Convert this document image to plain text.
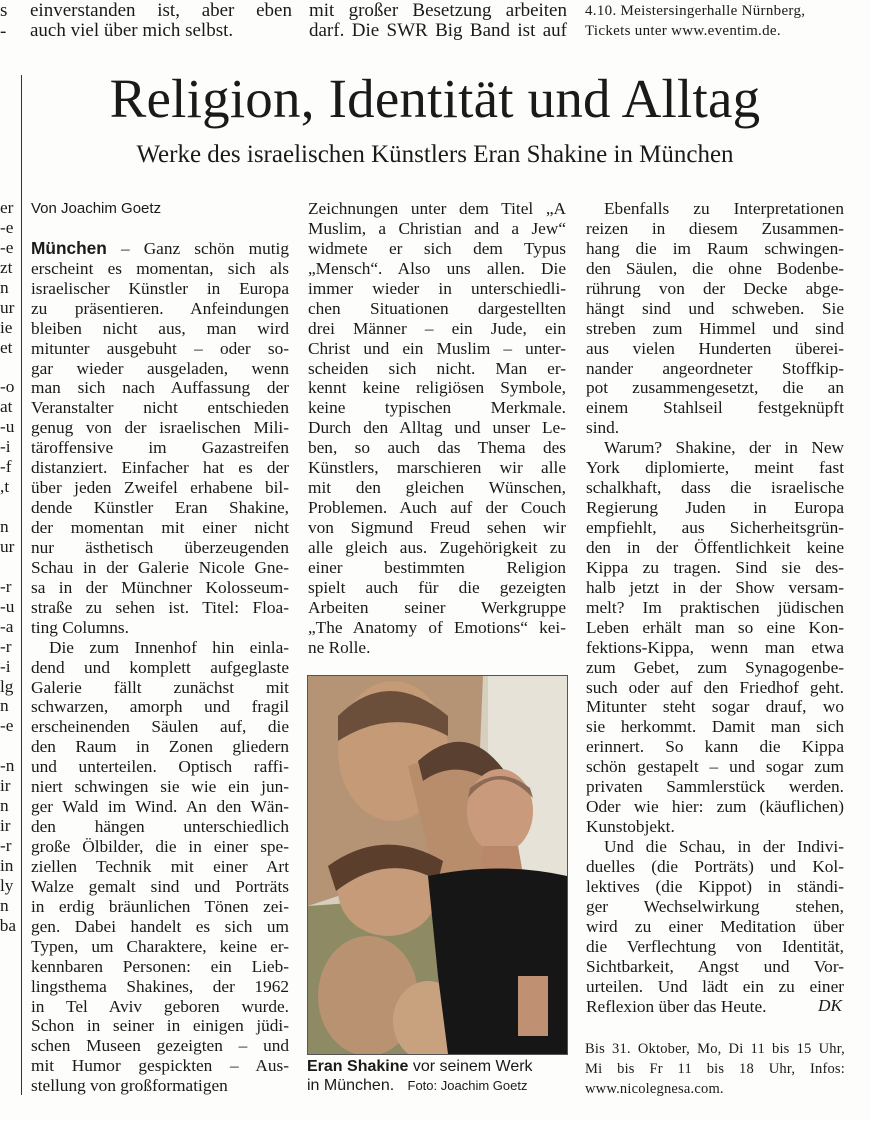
einverstanden ist, aber eben
auch viel über mich selbst.
mit großer Besetzung arbeiten
darf. Die SWR Big Band ist auf
4.10. Meistersingerhalle Nürnberg,
Tickets unter www.eventim.de.
s
-
er
e-
e-
zt
n
ur
ie
et
o-
at
u-
i-
f-
t,
n
ur
r-
u-
a-
r-
i-
lg
n
e-
n-
ir
n
ir
r-
in
ly
n
ba
Religion, Identität und Alltag
Werke des israelischen Künstlers Eran Shakine in München
Von Joachim Goetz

München – Ganz schön mutig
erscheint es momentan, sich als
israelischer Künstler in Europa
zu präsentieren. Anfeindungen
bleiben nicht aus, man wird
mitunter ausgebuht – oder so-
gar wieder ausgeladen, wenn
man sich nach Auffassung der
Veranstalter nicht entschieden
genug von der israelischen Mili-
täroffensive im Gazastreifen
distanziert. Einfacher hat es der
über jeden Zweifel erhabene bil-
dende Künstler Eran Shakine,
der momentan mit einer nicht
nur ästhetisch überzeugenden
Schau in der Galerie Nicole Gne-
sa in der Münchner Kolosseum-
straße zu sehen ist. Titel: Floa-
ting Columns.

Die zum Innenhof hin einla-
dend und komplett aufgeglaste
Galerie fällt zunächst mit
schwarzen, amorph und fragil
erscheinenden Säulen auf, die
den Raum in Zonen gliedern
und unterteilen. Optisch raffi-
niert schwingen sie wie ein jun-
ger Wald im Wind. An den Wän-
den hängen unterschiedlich
große Ölbilder, die in einer spe-
ziellen Technik mit einer Art
Walze gemalt sind und Porträts
in erdig bräunlichen Tönen zei-
gen. Dabei handelt es sich um
Typen, um Charaktere, keine er-
kennbaren Personen: ein Lieb-
lingsthema Shakines, der 1962
in Tel Aviv geboren wurde.
Schon in seiner in einigen jüdi-
schen Museen gezeigten – und
mit Humor gespickten – Aus-
stellung von großformatigen

Zeichnungen unter dem Titel „A
Muslim, a Christian and a Jew“
widmete er sich dem Typus
„Mensch“. Also uns allen. Die
immer wieder in unterschiedli-
chen Situationen dargestellten
drei Männer – ein Jude, ein
Christ und ein Muslim – unter-
scheiden sich nicht. Man er-
kennt keine religiösen Symbole,
keine typischen Merkmale.
Durch den Alltag und unser Le-
ben, so auch das Thema des
Künstlers, marschieren wir alle
mit den gleichen Wünschen,
Problemen. Auch auf der Couch
von Sigmund Freud sehen wir
alle gleich aus. Zugehörigkeit zu
einer bestimmten Religion
spielt auch für die gezeigten
Arbeiten seiner Werkgruppe
„The Anatomy of Emotions“ kei-
ne Rolle.
Eran Shakine vor seinem Werk
in München. Foto: Joachim Goetz

Ebenfalls zu Interpretationen
reizen in diesem Zusammen-
hang die im Raum schwingen-
den Säulen, die ohne Bodenbe-
rührung von der Decke abge-
hängt sind und schweben. Sie
streben zum Himmel und sind
aus vielen Hunderten überei-
nander angeordneter Stoffkip-
pot zusammengesetzt, die an
einem Stahlseil festgeknüpft
sind.

Warum? Shakine, der in New
York diplomierte, meint fast
schalkhaft, dass die israelische
Regierung Juden in Europa
empfiehlt, aus Sicherheitsgrün-
den in der Öffentlichkeit keine
Kippa zu tragen. Sind sie des-
halb jetzt in der Show versam-
melt? Im praktischen jüdischen
Leben erhält man so eine Kon-
fektions-Kippa, wenn man etwa
zum Gebet, zum Synagogenbe-
such oder auf den Friedhof geht.
Mitunter steht sogar drauf, wo
sie herkommt. Damit man sich
erinnert. So kann die Kippa
schön gestapelt – und sogar zum
privaten Sammlerstück werden.
Oder wie hier: zum (käuflichen)
Kunstobjekt.

Und die Schau, in der Indivi-
duelles (die Porträts) und Kol-
lektives (die Kippot) in ständi-
ger Wechselwirkung stehen,
wird zu einer Meditation über
die Verflechtung von Identität,
Sichtbarkeit, Angst und Vor-
urteilen. Und lädt ein zu einer
Reflexion über das Heute.	DK

Bis 31. Oktober, Mo, Di 11 bis 15 Uhr,
Mi bis Fr 11 bis 18 Uhr, Infos:
www.nicolegnesa.com.
